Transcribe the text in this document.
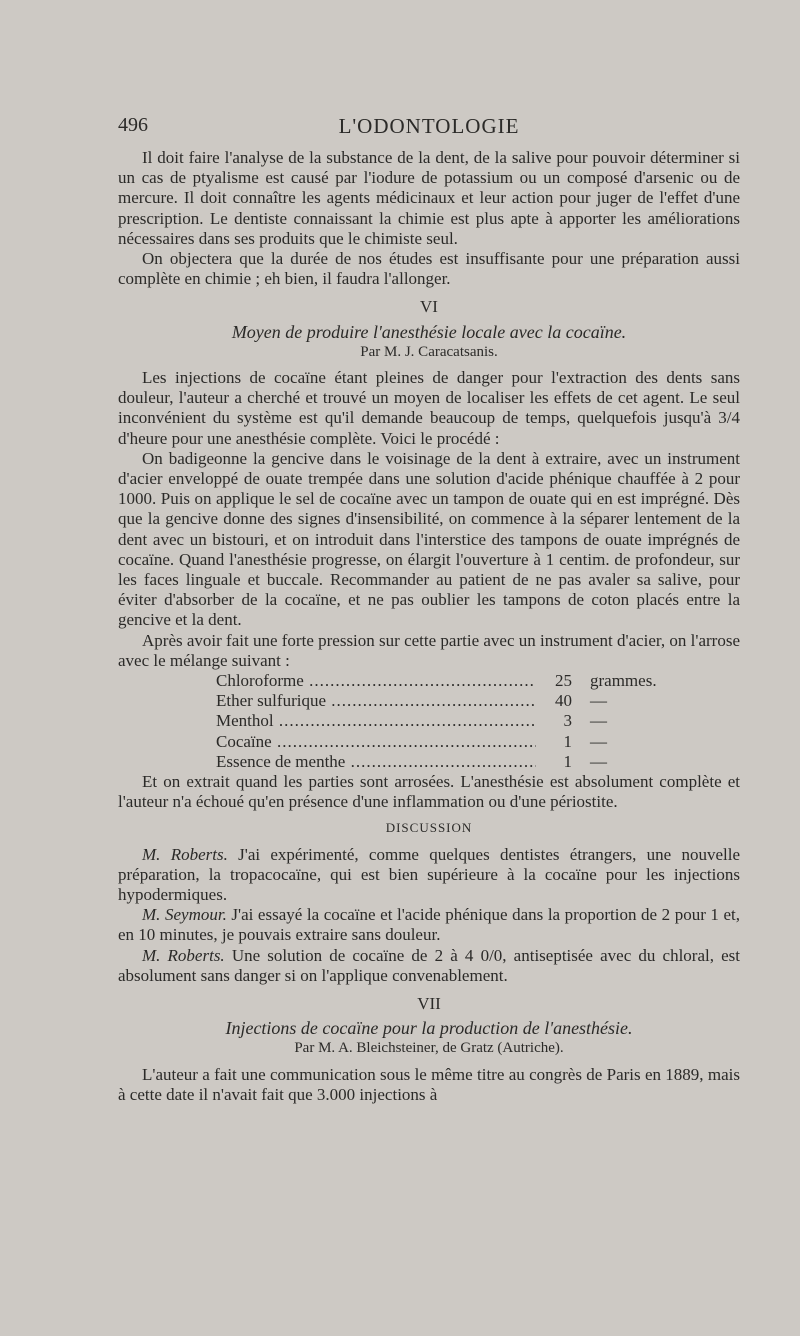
496	L'ODONTOLOGIE

Il doit faire l'analyse de la substance de la dent, de la salive pour pouvoir déterminer si un cas de ptyalisme est causé par l'iodure de potassium ou un composé d'arsenic ou de mercure. Il doit connaître les agents médicinaux et leur action pour juger de l'effet d'une prescription. Le dentiste connaissant la chimie est plus apte à apporter les améliorations nécessaires dans ses produits que le chimiste seul.

On objectera que la durée de nos études est insuffisante pour une préparation aussi complète en chimie ; eh bien, il faudra l'allonger.

VI

Moyen de produire l'anesthésie locale avec la cocaïne.

Par M. J. Caracatsanis.

Les injections de cocaïne étant pleines de danger pour l'extraction des dents sans douleur, l'auteur a cherché et trouvé un moyen de localiser les effets de cet agent. Le seul inconvénient du système est qu'il demande beaucoup de temps, quelquefois jusqu'à 3/4 d'heure pour une anesthésie complète. Voici le procédé :

On badigeonne la gencive dans le voisinage de la dent à extraire, avec un instrument d'acier enveloppé de ouate trempée dans une solution d'acide phénique chauffée à 2 pour 1000. Puis on applique le sel de cocaïne avec un tampon de ouate qui en est imprégné. Dès que la gencive donne des signes d'insensibilité, on commence à la séparer lentement de la dent avec un bistouri, et on introduit dans l'interstice des tampons de ouate imprégnés de cocaïne. Quand l'anesthésie progresse, on élargit l'ouverture à 1 centim. de profondeur, sur les faces linguale et buccale. Recommander au patient de ne pas avaler sa salive, pour éviter d'absorber de la cocaïne, et ne pas oublier les tampons de coton placés entre la gencive et la dent.

Après avoir fait une forte pression sur cette partie avec un instrument d'acier, on l'arrose avec le mélange suivant :

Chloroforme .....	25	grammes.
Ether sulfurique .....	40	—
Menthol .....	3	—
Cocaïne .....	1	—
Essence de menthe .....	1	—

Et on extrait quand les parties sont arrosées. L'anesthésie est absolument complète et l'auteur n'a échoué qu'en présence d'une inflammation ou d'une périostite.

DISCUSSION

M. Roberts. J'ai expérimenté, comme quelques dentistes étrangers, une nouvelle préparation, la tropacocaïne, qui est bien supérieure à la cocaïne pour les injections hypodermiques.

M. Seymour. J'ai essayé la cocaïne et l'acide phénique dans la proportion de 2 pour 1 et, en 10 minutes, je pouvais extraire sans douleur.

M. Roberts. Une solution de cocaïne de 2 à 4 0/0, antiseptisée avec du chloral, est absolument sans danger si on l'applique convenablement.

VII

Injections de cocaïne pour la production de l'anesthésie.

Par M. A. Bleichsteiner, de Gratz (Autriche).

L'auteur a fait une communication sous le même titre au congrès de Paris en 1889, mais à cette date il n'avait fait que 3.000 injections à
